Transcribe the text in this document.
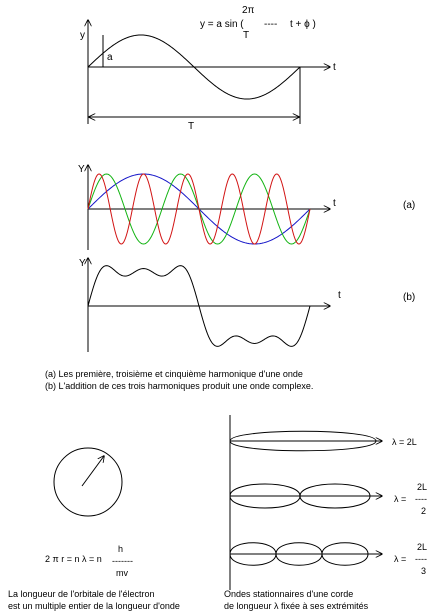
y
t
a
T
2π
y = a sin ( ---- t + ϕ )
T
Y
t	(a)
Y
t	(b)
(a) Les première, troisième et cinquième harmonique d'une onde
(b) L'addition de ces trois harmoniques produit une onde complexe.
h
2 π r = n λ = n -------
mv
La longueur de l'orbitale de l'électron
est un multiple entier de la longueur d'onde
λ = 2L
2L
λ = ----
2
2L
λ = ----
3
Ondes stationnaires d'une corde
de longueur λ fixée à ses extrémités
